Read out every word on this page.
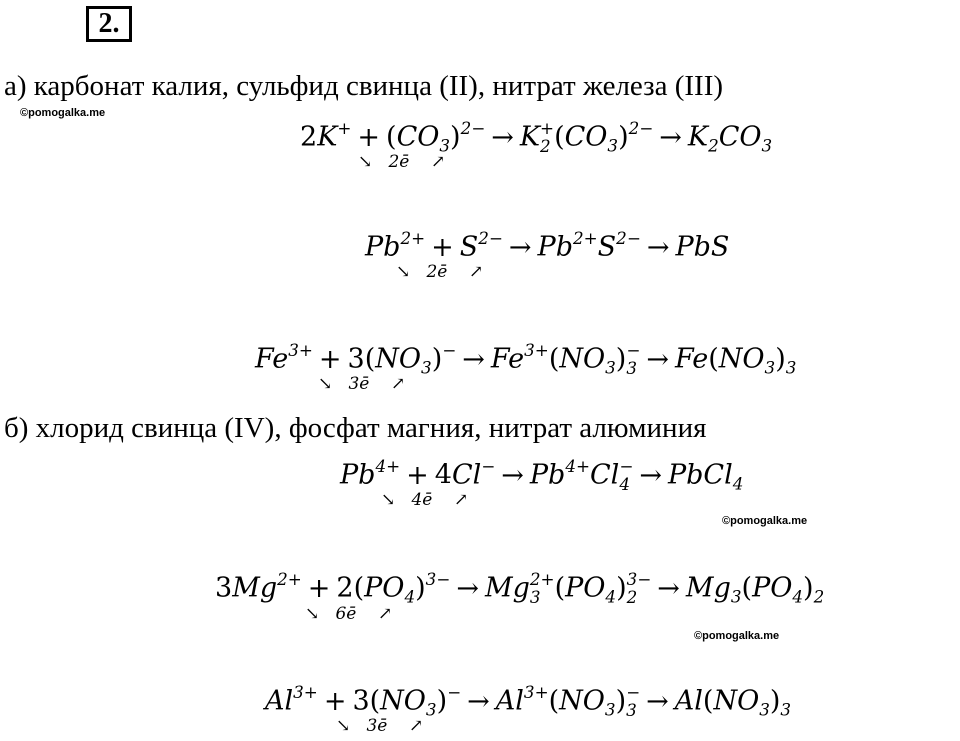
2.
а) карбонат калия, сульфид свинца (II), нитрат железа (III)
©pomogalka.me
$2K^+ + (CO_3)^{2-} \to K$ +
2 $(CO_3)^{2-} \to K_2CO_3$
↘ 2ē ↗
$Pb^{2+} + S^{2-} \to Pb^{2+}S^{2-}$ → PbS
↘ 2ē ↗
$Fe^{3+} + 3(NO_3)^- \to Fe^{3+}(NO_3)$ −
$3 \to Fe(NO_3)_3$
↘ 3ē ↗
б) хлорид свинца (IV), фосфат магния, нитрат алюминия
$Pb^{4+} + 4Cl^- \to Pb^{4+}Cl$ −
4 → PbCl$_4$
↘ 4ē ↗
©pomogalka.me
$3Mg^{2+} + 2(PO_4)^{3-} \to Mg$ 2+
3 $(PO_4)$ 3−
$2 \to Mg_3(PO_4)_2$
↘ 6ē ↗
©pomogalka.me
$Al^{3+} + 3(NO_3)^- \to Al^{3+}(NO_3)$ −
$3 \to Al(NO_3)_3$
↘ 3ē ↗
